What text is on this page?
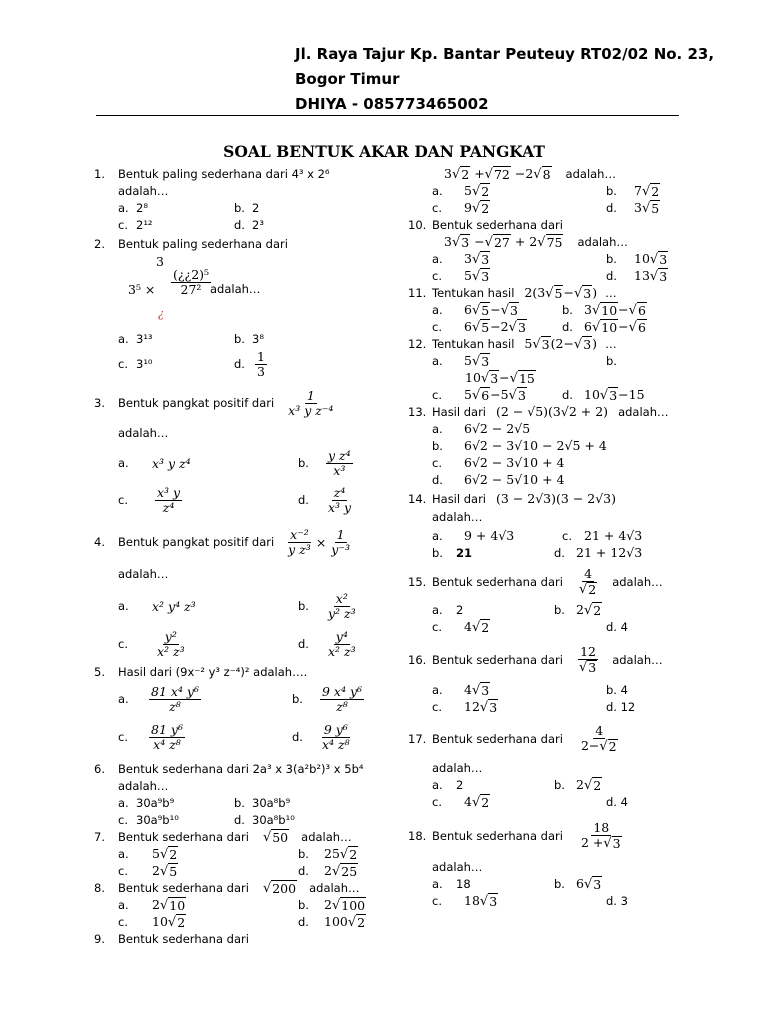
Jl. Raya Tajur Kp. Bantar Peuteuy RT02/02 No. 23,
Bogor Timur
DHIYA - 085773465002
SOAL BENTUK AKAR DAN PANGKAT
1.	Bentuk paling sederhana dari 4³ x 2⁶
adalah…
a. 2⁸	b. 2
c. 2¹²	d. 2³
2.	Bentuk paling sederhana dari
3
$3^5 \times \frac{\text{(¿¿2)⁵}}{\text{27²}}$
¿
adalah…
a. 3¹³	b. 3⁸
c. 3¹⁰	d. $\frac{1}{3}$
3.	Bentuk pangkat positif dari $\frac{1}{\text{x³ y z⁻⁴}}$
adalah…
a.	x³ y z⁴	b.	$\frac{\text{y z⁴}}{\text{x³}}$
c.	$\frac{\text{x³ y}}{\text{z⁴}}$	d.	$\frac{\text{z⁴}}{\text{x³ y}}$
4.	Bentuk pangkat positif dari $\frac{\text{x⁻²}}{\text{y z³}} \times \frac{1}{\text{y⁻³}}$
adalah…
a.	x² y⁴ z³	b.	$\frac{\text{x²}}{\text{y² z³}}$
c.	$\frac{\text{y²}}{\text{x² z³}}$	d.	$\frac{\text{y⁴}}{\text{x² z³}}$
5.	Hasil dari (9x⁻² y³ z⁻⁴)² adalah….
a.	$\frac{\text{81 x⁴ y⁶}}{\text{z⁸}}$	b.	$\frac{\text{9 x⁴ y⁶}}{\text{z⁸}}$
c.	$\frac{\text{81 y⁶}}{\text{x⁴ z⁸}}$	d.	$\frac{\text{9 y⁶}}{\text{x⁴ z⁸}}$
6.	Bentuk sederhana dari 2a³ x 3(a²b²)³ x 5b⁴
adalah…
a. 30a⁹b⁹	b. 30a⁸b⁹
c. 30a⁹b¹⁰	d. 30a⁸b¹⁰
7.	Bentuk sederhana dari √ 50 adalah…
a.	5 √ 2	b.	25 √ 2
c.	2 √ 5	d.	2 √ 25
8.	Bentuk sederhana dari √ 200 adalah…
a.	2 √ 10	b.	2 √ 100
c.	10 √ 2	d.	100 √ 2
9.	Bentuk sederhana dari
3 √ 2 + √ 72 −2 √ 8 adalah…
a.	5 √ 2	b.	7 √ 2
c.	9 √ 2	d.	3 √ 5
10. Bentuk sederhana dari
3 √ 3 − √ 27 + 2 √ 75 adalah…
a.	3 √ 3	b.	10 √ 3
c.	5 √ 3	d.	13 √ 3
11. Tentukan hasil 2(3 √ 5 − √ 3 ) …
a.	6 √ 5 − √ 3	b. 3 √ 10 − √ 6
c.	6 √ 5 −2 √ 3	d. 6 √ 10 − √ 6
12. Tentukan hasil 5 √ 3 (2− √ 3 ) …
a.	5 √ 3	b.
10 √ 3 − √ 15
c.	5 √ 6 −5 √ 3	d. 10 √ 3 −15
13. Hasil dari (2 − √5)(3√2 + 2) adalah…
a.	6√2 − 2√5
b.	6√2 − 3√10 − 2√5 + 4
c.	6√2 − 3√10 + 4
d.	6√2 − 5√10 + 4
14. Hasil dari (3 − 2√3)(3 − 2√3)
adalah…
a.	9 + 4√3	c. 21 + 4√3
b.	21	d. 21 + 12√3
15. Bentuk sederhana dari $\frac{4}{√ 2}$ adalah…
a.	2	b. 2 √ 2
c.	4 √ 2	d. 4
16. Bentuk sederhana dari $\frac{12}{√ 3}$ adalah…
a.	4 √ 3	b. 4
c.	12 √ 3	d. 12
17. Bentuk sederhana dari $\frac{4}{2- √ 2}$
adalah…
a.	2	b. 2 √ 2
c.	4 √ 2	d. 4
18. Bentuk sederhana dari $\frac{18}{2 + √ 3}$
adalah…
a.	18	b. 6 √ 3
c.	18 √ 3	d. 3
